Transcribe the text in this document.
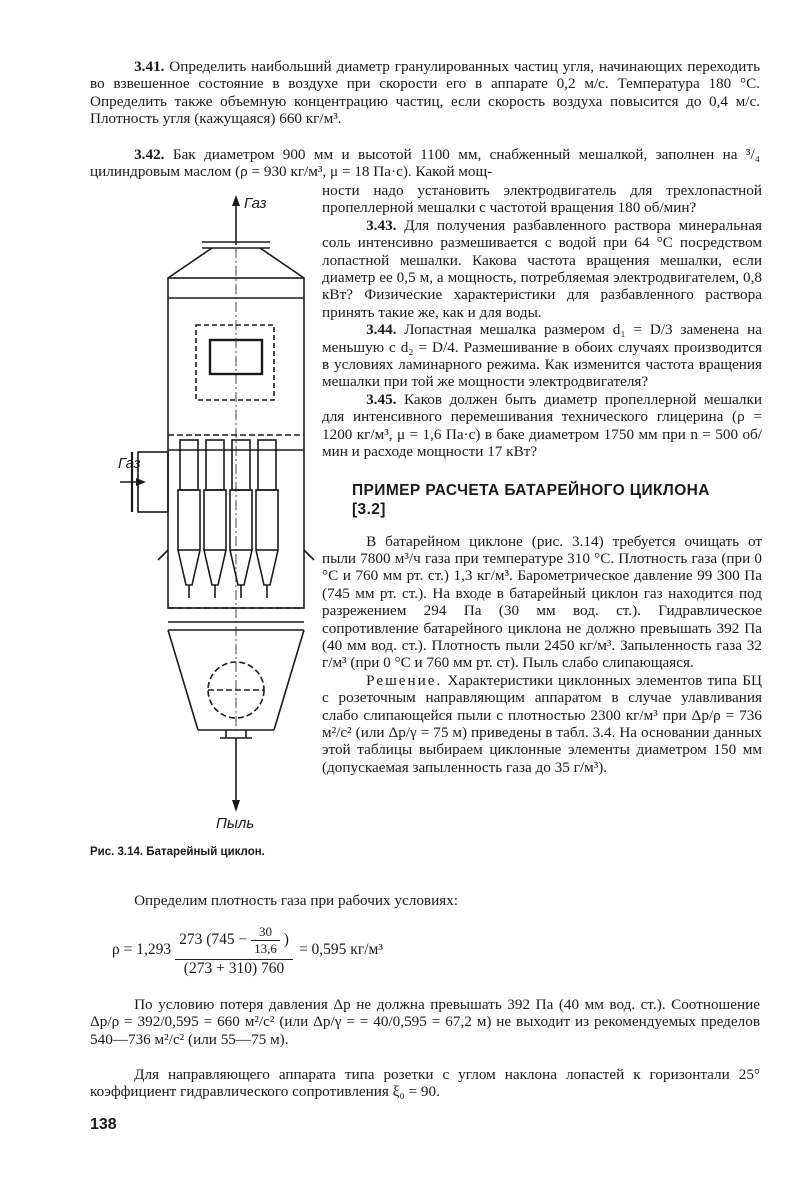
3.41. Определить наибольший диаметр гранулированных частиц угля, начинающих переходить во взвешенное состояние в воздухе при скорости его в аппарате 0,2 м/с. Температура 180 °C. Определить также объемную концентрацию частиц, если скорость воздуха повысится до 0,4 м/с. Плотность угля (кажущаяся) 660 кг/м³.

3.42. Бак диаметром 900 мм и высотой 1100 мм, снабженный мешалкой, заполнен на ³/₄ цилиндровым маслом (ρ = 930 кг/м³, μ = 18 Па·с). Какой мощ-

ности надо установить электродвигатель для трехлопастной пропеллерной мешалки с частотой вращения 180 об/мин?

3.43. Для получения разбавленного раствора минеральная соль интенсивно размешивается с водой при 64 °C посредством лопастной мешалки. Какова частота вращения мешалки, если диаметр ее 0,5 м, а мощность, потребляемая электродвигателем, 0,8 кВт? Физические характеристики для разбавленного раствора принять такие же, как и для воды.

3.44. Лопастная мешалка размером d₁ = D/3 заменена на меньшую с d₂ = D/4. Размешивание в обоих случаях производится в условиях ламинарного режима. Как изменится частота вращения мешалки при той же мощности электродвигателя?

3.45. Каков должен быть диаметр пропеллерной мешалки для интенсивного перемешивания технического глицерина (ρ = 1200 кг/м³, μ = 1,6 Па·с) в баке диаметром 1750 мм при n = 500 об/мин и расходе мощности 17 кВт?

ПРИМЕР РАСЧЕТА БАТАРЕЙНОГО ЦИКЛОНА
[3.2]

В батарейном циклоне (рис. 3.14) требуется очищать от пыли 7800 м³/ч газа при температуре 310 °C. Плотность газа (при 0 °C и 760 мм рт. ст.) 1,3 кг/м³. Барометрическое давление 99 300 Па (745 мм рт. ст.). На входе в батарейный циклон газ находится под разрежением 294 Па (30 мм вод. ст.). Гидравлическое сопротивление батарейного циклона не должно превышать 392 Па (40 мм вод. ст.). Плотность пыли 2450 кг/м³. Запыленность газа 32 г/м³ (при 0 °C и 760 мм рт. ст). Пыль слабо слипающаяся.

Решение. Характеристики циклонных элементов типа БЦ с розеточным направляющим аппаратом в случае улавливания слабо слипающейся пыли с плотностью 2300 кг/м³ при Δp/ρ = 736 м²/с² (или Δp/γ = 75 м) приведены в табл. 3.4. На основании данных этой таблицы выбираем циклонные элементы диаметром 150 мм (допускаемая запыленность газа до 35 г/м³).

Газ
Газ
Пыль
Рис. 3.14. Батарейный циклон.

Определим плотность газа при рабочих условиях:

ρ = 1,293
273 ($745 - \frac{30}{13,6}$ )
(273 + 310) 760
= 0,595 кг/м³

По условию потеря давления Δp не должна превышать 392 Па (40 мм вод. ст.). Соотношение Δp/ρ = 392/0,595 = 660 м²/с² (или Δp/γ = = 40/0,595 = 67,2 м) не выходит из рекомендуемых пределов 540—736 м²/с² (или 55—75 м).

Для направляющего аппарата типа розетки с углом наклона лопастей к горизонтали 25° коэффициент гидравлического сопротивления ξ₀ = 90.

138
